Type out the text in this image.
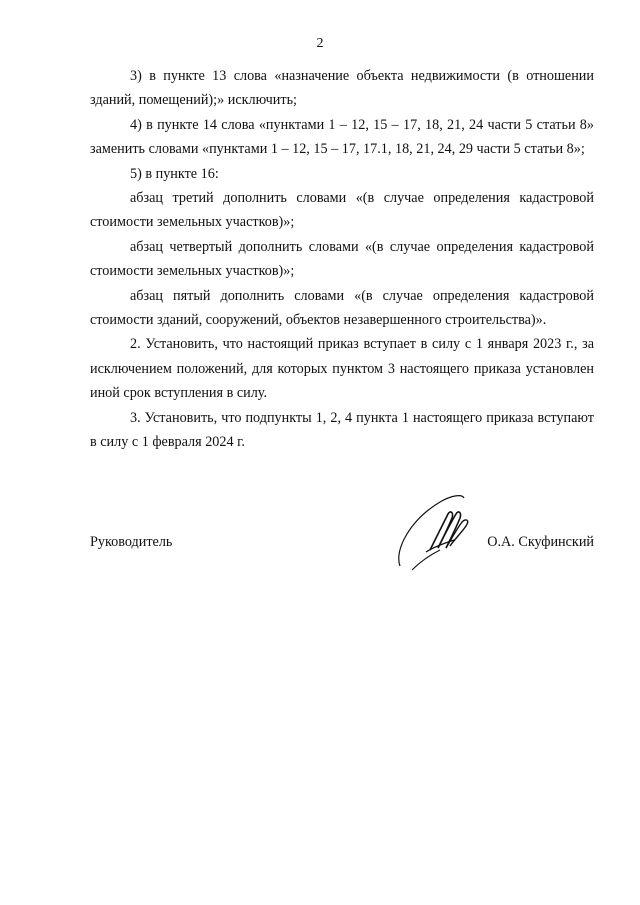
2

3) в пункте 13 слова «назначение объекта недвижимости (в отношении зданий, помещений);» исключить;

4) в пункте 14 слова «пунктами 1 – 12, 15 – 17, 18, 21, 24 части 5 статьи 8» заменить словами «пунктами 1 – 12, 15 – 17, 17.1, 18, 21, 24, 29 части 5 статьи 8»;

5) в пункте 16:

абзац третий дополнить словами «(в случае определения кадастровой стоимости земельных участков)»;

абзац четвертый дополнить словами «(в случае определения кадастровой стоимости земельных участков)»;

абзац пятый дополнить словами «(в случае определения кадастровой стоимости зданий, сооружений, объектов незавершенного строительства)».

2. Установить, что настоящий приказ вступает в силу с 1 января 2023 г., за исключением положений, для которых пунктом 3 настоящего приказа установлен иной срок вступления в силу.

3. Установить, что подпункты 1, 2, 4 пункта 1 настоящего приказа вступают в силу с 1 февраля 2024 г.

Руководитель	О.А. Скуфинский
